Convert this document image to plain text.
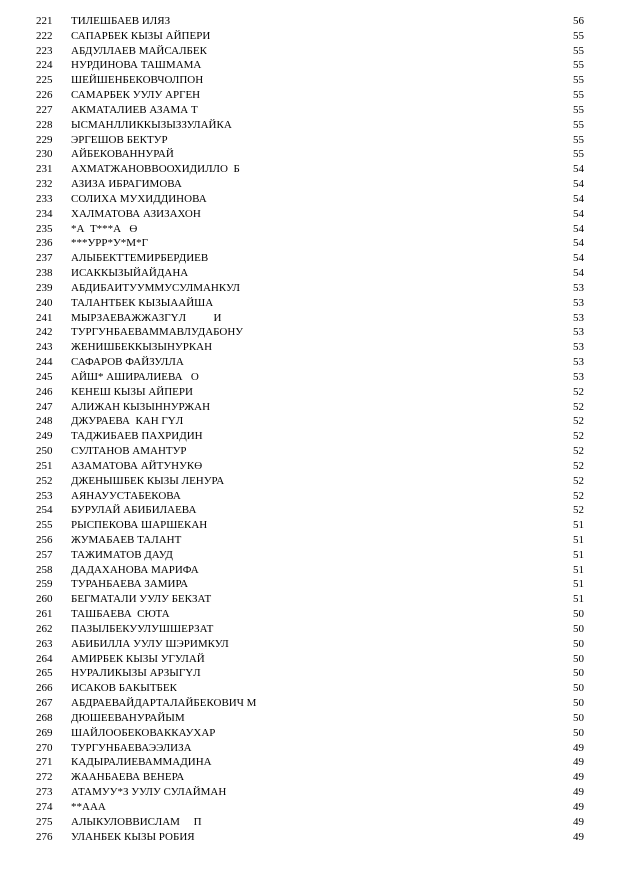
221	ТИЛЕШБАЕВ ИЛЯЗ	56
222	САПАРБЕК КЫЗЫ АЙПЕРИ	55
223	АБДУЛЛАЕВ МАЙСАЛБЕК	55
224	НУРДИНОВА ТАШМАМА	55
225	ШЕЙШЕНБЕКОВЧОЛПОН	55
226	САМАРБЕК УУЛУ АРГЕН	55
227	АКМАТАЛИЕВ АЗАМА Т	55
228	ЫСМАНЛЛИККЫЗЫЗЗУЛАЙКА	55
229	ЭРГЕШОВ БЕКТУР	55
230	АЙБЕКОВАННУРАЙ	55
231	АХМАТЖАНОВВООХИДИЛЛО  Б	54
232	АЗИЗА ИБРАГИМОВА	54
233	СОЛИХА МУХИДДИНОВА	54
234	ХАЛМАТОВА АЗИЗАХОН	54
235	*А  Т***А   Ө	54
236	***УРР*У*М*Г	54
237	АЛЫБЕКТТЕМИРБЕРДИЕВ	54
238	ИСАККЫЗЫЙАЙДАНА	54
239	АБДИБАИТУУММУСУЛМАНКУЛ	53
240	ТАЛАНТБЕК КЫЗЫААЙША	53
241	МЫРЗАЕВАЖЖАЗГҮЛ          И	53
242	ТУРГУНБАЕВАММАВЛУДАБОНУ	53
243	ЖЕНИШБЕККЫЗЫНУРКАН	53
244	САФАРОВ ФАЙЗУЛЛА	53
245	АЙШ* АШИРАЛИЕВА   О	53
246	КЕНЕШ КЫЗЫ АЙПЕРИ	52
247	АЛИЖАН КЫЗЫННУРЖАН	52
248	ДЖУРАЕВА  КАН ГҮЛ	52
249	ТАДЖИБАЕВ ПАХРИДИН	52
250	СУЛТАНОВ АМАНТУР	52
251	АЗАМАТОВА АЙТУНУКӨ	52
252	ДЖЕНЫШБЕК КЫЗЫ ЛЕНУРА	52
253	АЯНАУУСТАБЕКОВА	52
254	БУРУЛАЙ АБИБИЛАЕВА	52
255	РЫСПЕКОВА ШАРШЕКАН	51
256	ЖУМАБАЕВ ТАЛАНТ	51
257	ТАЖИМАТОВ ДАУД	51
258	ДАДАХАНОВА МАРИФА	51
259	ТУРАНБАЕВА ЗАМИРА	51
260	БЕГМАТАЛИ УУЛУ БЕКЗАТ	51
261	ТАШБАЕВА  СЮТА	50
262	ПАЗЫЛБЕКУУЛУШШЕРЗАТ	50
263	АБИБИЛЛА УУЛУ ШЭРИМКУЛ	50
264	АМИРБЕК КЫЗЫ УГУЛАЙ	50
265	НУРАЛИКЫЗЫ АРЗЫГҮЛ	50
266	ИСАКОВ БАКЫТБЕК	50
267	АБДРАЕВАЙДАРТАЛАЙБЕКОВИЧ М	50
268	ДЮШЕЕВАНУРАЙЫМ	50
269	ШАЙЛООБЕКОВАККАУХАР	50
270	ТУРГУНБАЕВАЭЭЛИЗА	49
271	КАДЫРАЛИЕВАММАДИНА	49
272	ЖААНБАЕВА ВЕНЕРА	49
273	АТАМУУ*З УУЛУ СУЛАЙМАН	49
274	**ААА	49
275	АЛЫКУЛОВВИСЛАМ     П	49
276	УЛАНБЕК КЫЗЫ РОБИЯ	49
